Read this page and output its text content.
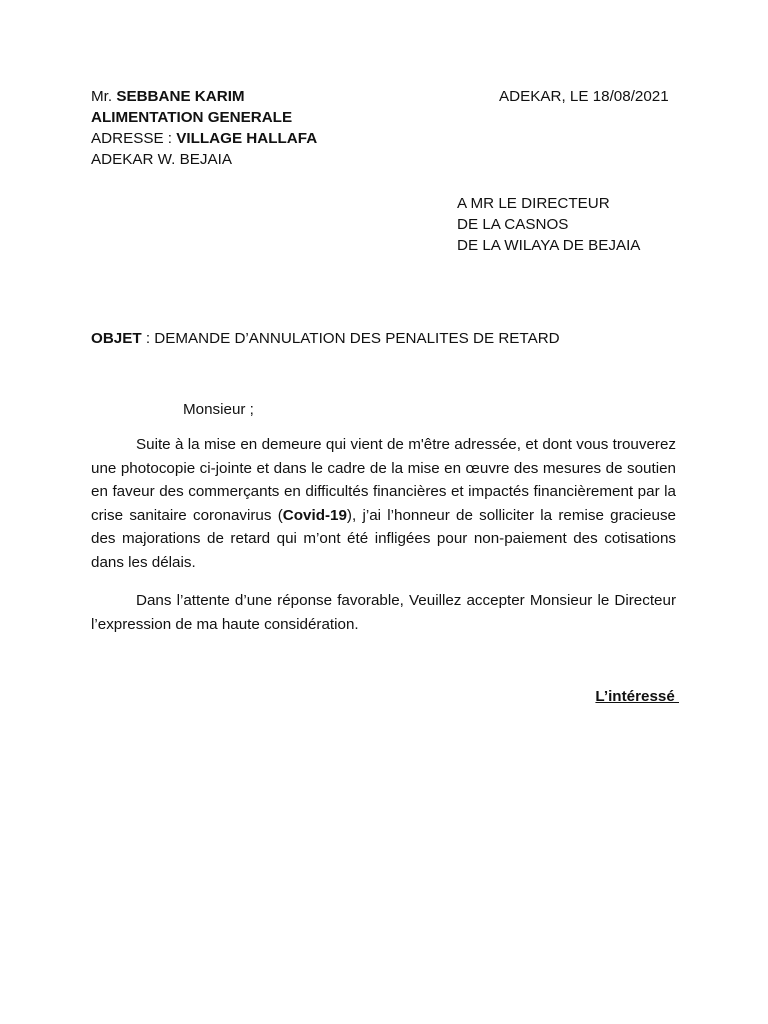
Mr. SEBBANE KARIM
ALIMENTATION GENERALE
ADRESSE : VILLAGE HALLAFA
ADEKAR W. BEJAIA
ADEKAR, LE 18/08/2021
A MR LE DIRECTEUR
DE LA CASNOS
DE LA WILAYA DE BEJAIA
OBJET : DEMANDE D’ANNULATION DES PENALITES DE RETARD
Monsieur ;
Suite à la mise en demeure qui vient de m'être adressée, et dont vous trouverez une photocopie ci-jointe et dans le cadre de la mise en œuvre des mesures de soutien en faveur des commerçants en difficultés financières et impactés financièrement par la crise sanitaire coronavirus (Covid-19), j’ai l’honneur de solliciter la remise gracieuse des majorations de retard qui m’ont été infligées pour non-paiement des cotisations dans les délais.
Dans l’attente d’une réponse favorable, Veuillez accepter Monsieur le Directeur l’expression de ma haute considération.
L’intéressé
